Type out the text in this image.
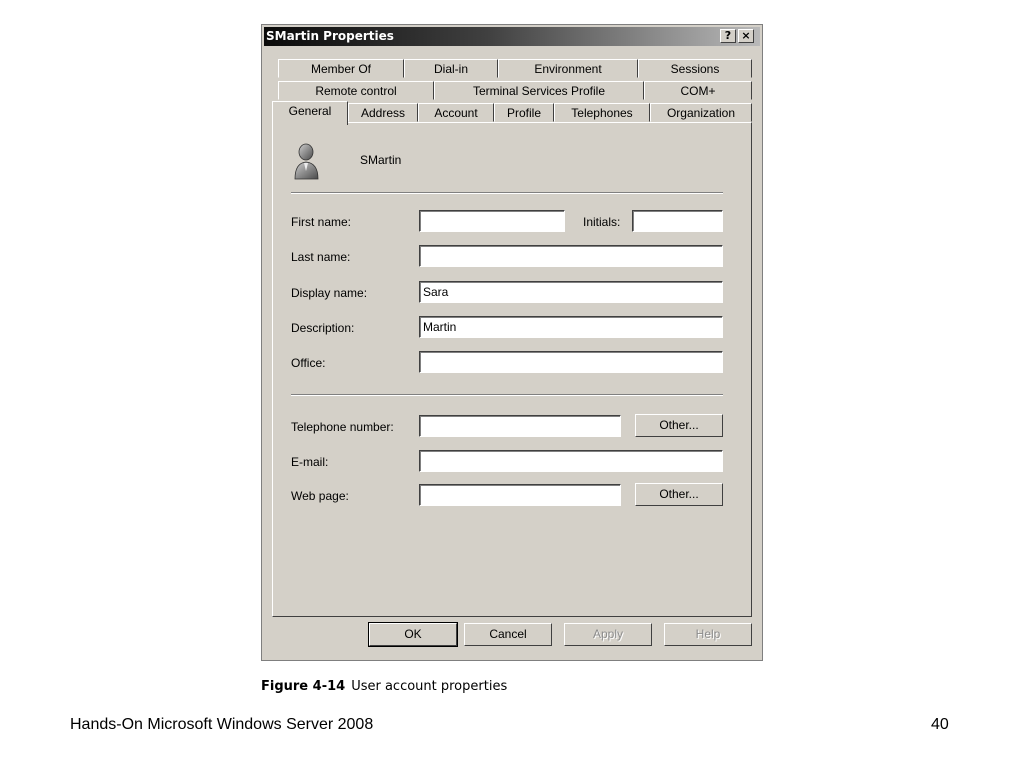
SMartin Properties	? ×
Member Of	Dial-in	Environment	Sessions
Remote control	Terminal Services Profile	COM+
General	Address	Account	Profile	Telephones	Organization
SMartin
First name:	Initials:
Last name:
Display name:	Sara
Description:	Martin
Office:
Telephone number:	Other...
E-mail:
Web page:	Other...
OK	Cancel	Apply	Help
Figure 4-14 User account properties
Hands-On Microsoft Windows Server 2008	40
